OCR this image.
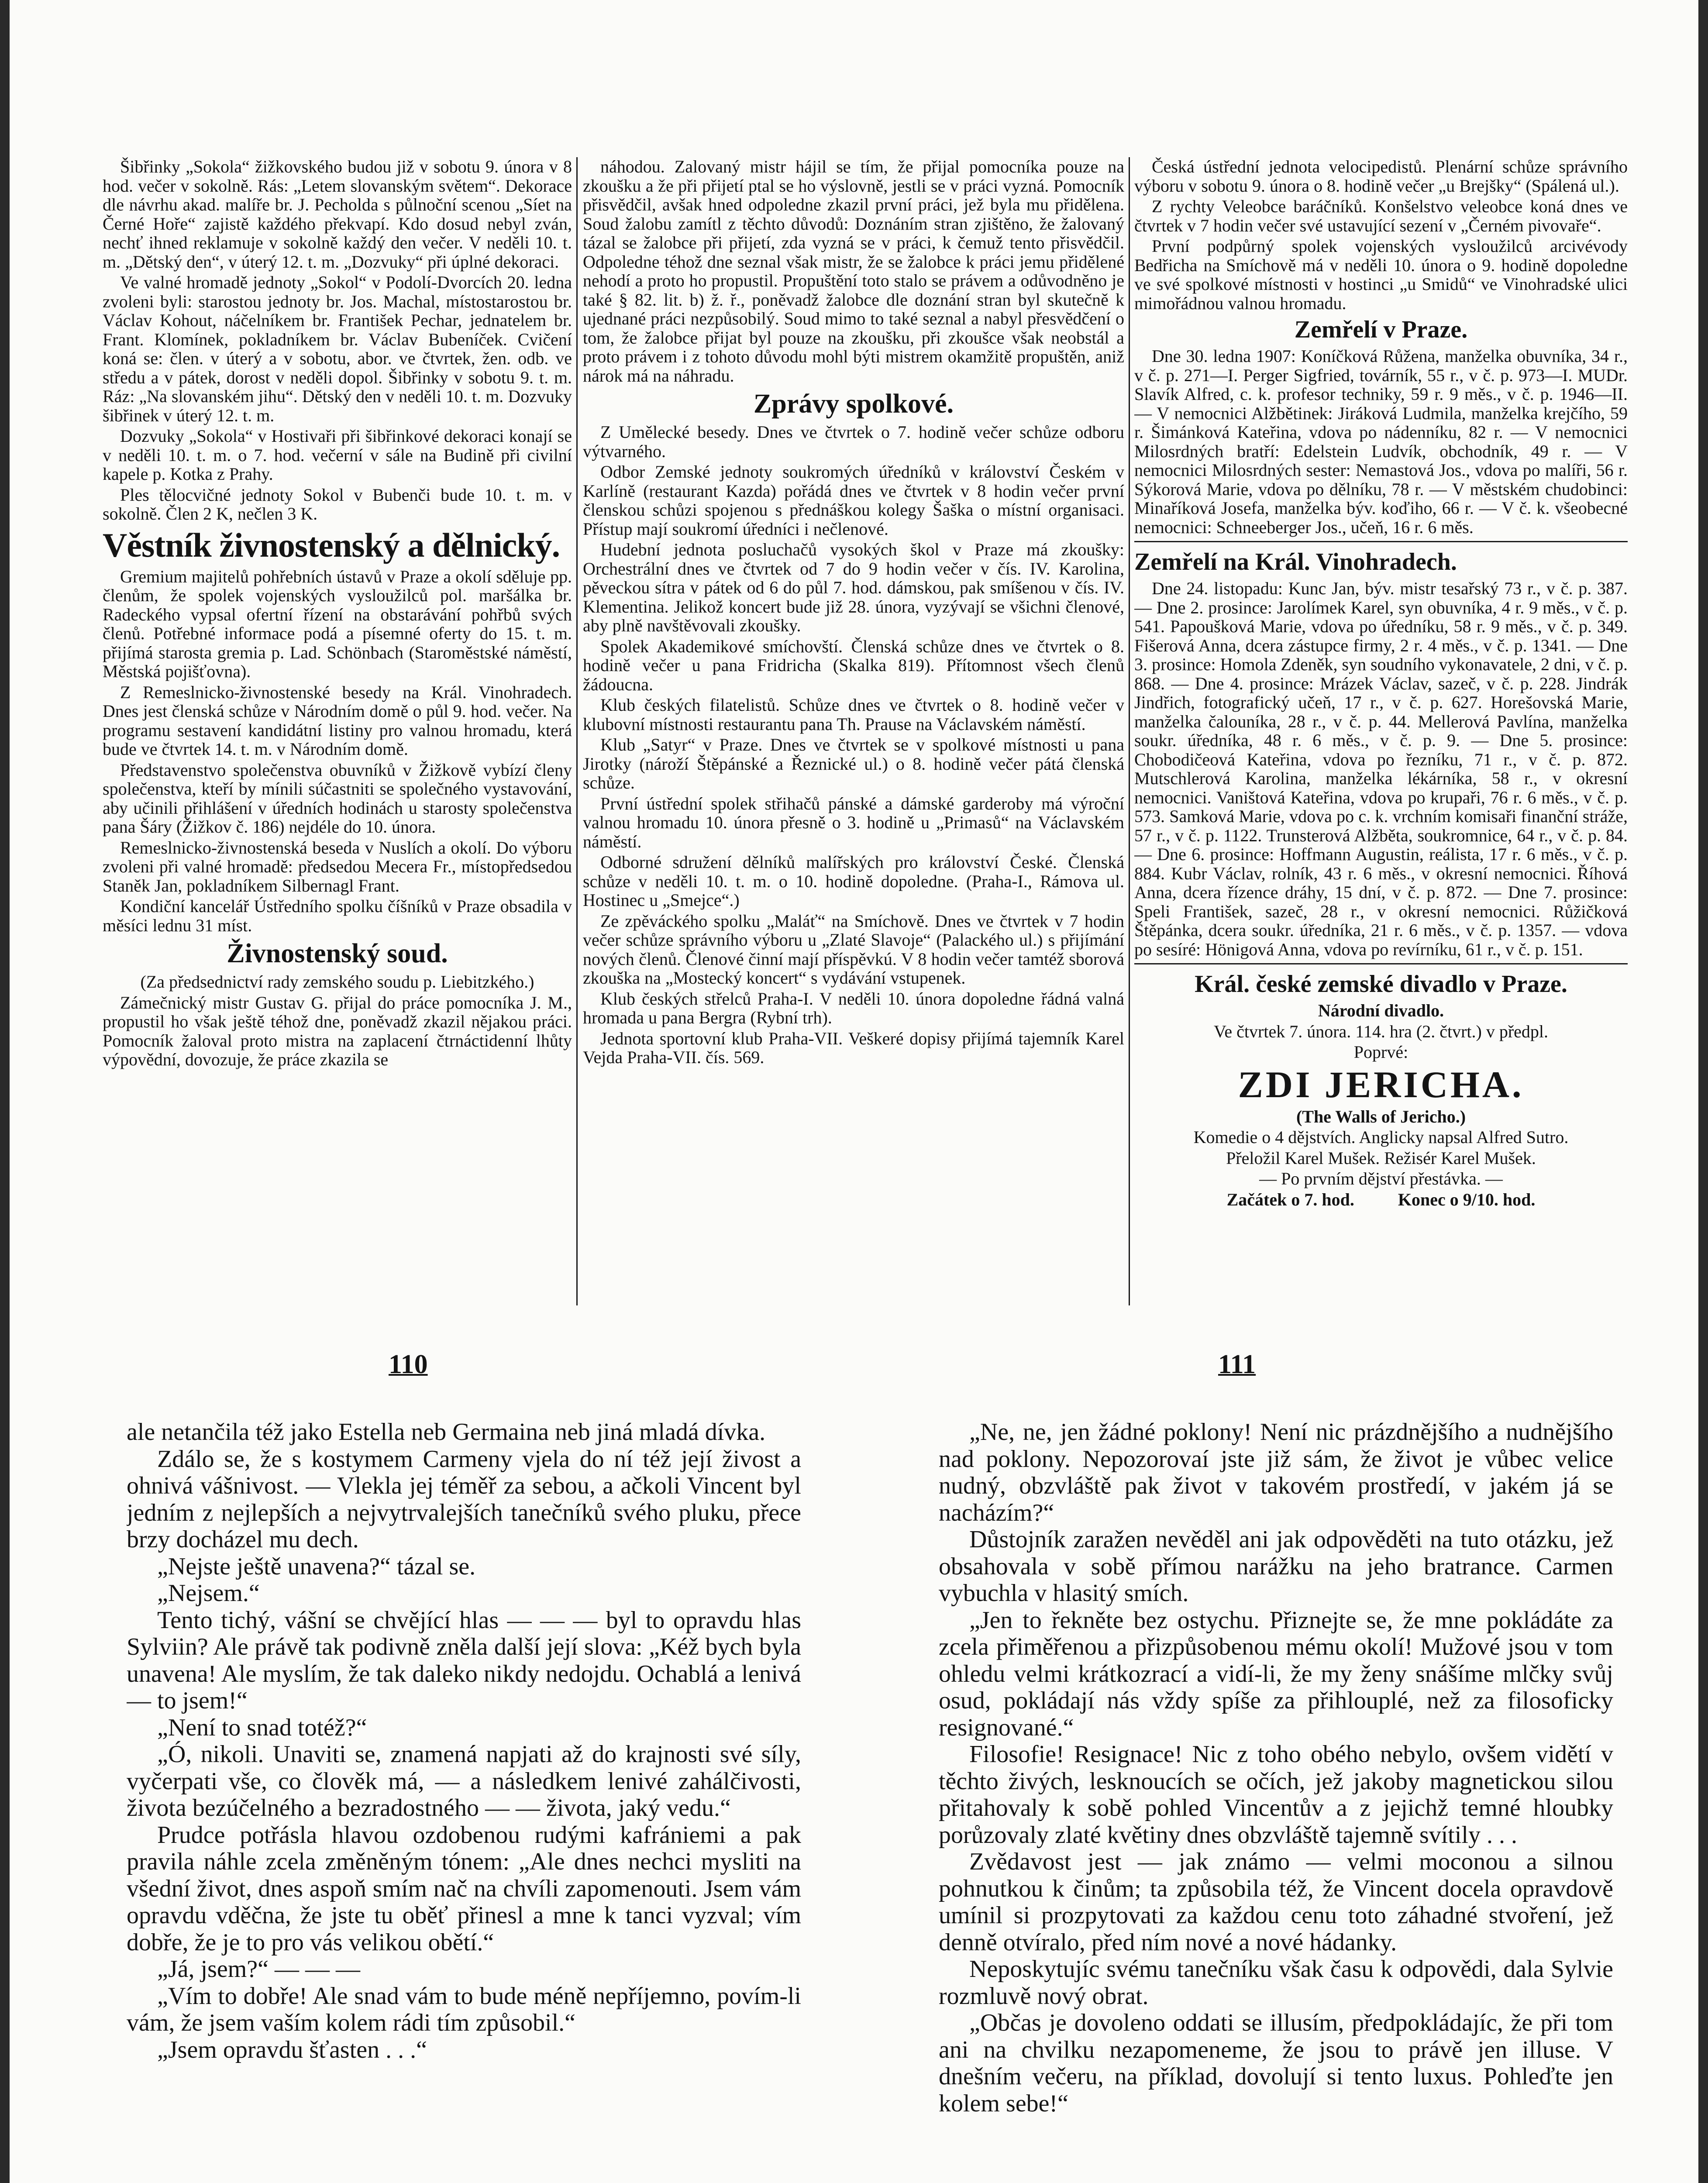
Šibřinky „Sokola“ žižkovského budou již v sobotu 9. února v 8 hod. večer v sokolně. Rás: „Letem slovanským světem“. Dekorace dle návrhu akad. malíře br. J. Pecholda s půlnoční scenou „Síet na Černé Hoře“ zajistě každého překvapí. Kdo dosud nebyl zván, nechť ihned reklamuje v sokolně každý den večer. V neděli 10. t. m. „Dětský den“, v úterý 12. t. m. „Dozvuky“ při úplné dekoraci.

Ve valné hromadě jednoty „Sokol“ v Podolí-Dvorcích 20. ledna zvoleni byli: starostou jednoty br. Jos. Machal, místostarostou br. Václav Kohout, náčelníkem br. František Pechar, jednatelem br. Frant. Klomínek, pokladníkem br. Václav Bubeníček. Cvičení koná se: člen. v úterý a v sobotu, abor. ve čtvrtek, žen. odb. ve středu a v pátek, dorost v neděli dopol. Šibřinky v sobotu 9. t. m. Ráz: „Na slovanském jihu“. Dětský den v neděli 10. t. m. Dozvuky šibřinek v úterý 12. t. m.

Dozvuky „Sokola“ v Hostivaři při šibřinkové dekoraci konají se v neděli 10. t. m. o 7. hod. večerní v sále na Budině při civilní kapele p. Kotka z Prahy.

Ples tělocvičné jednoty Sokol v Bubenči bude 10. t. m. v sokolně. Člen 2 K, nečlen 3 K.

Věstník živnostenský a dělnický.

Gremium majitelů pohřebních ústavů v Praze a okolí sděluje pp. členům, že spolek vojenských vysloužilců pol. maršálka br. Radeckého vypsal ofertní řízení na obstarávání pohřbů svých členů. Potřebné informace podá a písemné oferty do 15. t. m. přijímá starosta gremia p. Lad. Schönbach (Staroměstské náměstí, Městská pojišťovna).

Z Remeslnicko-živnostenské besedy na Král. Vinohradech. Dnes jest členská schůze v Národním domě o půl 9. hod. večer. Na programu sestavení kandidátní listiny pro valnou hromadu, která bude ve čtvrtek 14. t. m. v Národním domě.

Představenstvo společenstva obuvníků v Žižkově vybízí členy společenstva, kteří by mínili súčastniti se společného vystavování, aby učinili přihlášení v úředních hodinách u starosty společenstva pana Šáry (Žižkov č. 186) nejdéle do 10. února.

Remeslnicko-živnostenská beseda v Nuslích a okolí. Do výboru zvoleni při valné hromadě: předsedou Mecera Fr., místopředsedou Staněk Jan, pokladníkem Silbernagl Frant.

Kondiční kancelář Ústředního spolku číšníků v Praze obsadila v měsíci lednu 31 míst.

Živnostenský soud.

(Za předsednictví rady zemského soudu p. Liebitzkého.)

Zámečnický mistr Gustav G. přijal do práce pomocníka J. M., propustil ho však ještě téhož dne, poněvadž zkazil nějakou práci. Pomocník žaloval proto mistra na zaplacení čtrnáctidenní lhůty výpovědní, dovozuje, že práce zkazila se

náhodou. Zalovaný mistr hájil se tím, že přijal pomocníka pouze na zkoušku a že při přijetí ptal se ho výslovně, jestli se v práci vyzná. Pomocník přisvědčil, avšak hned odpoledne zkazil první práci, jež byla mu přidělena. Soud žalobu zamítl z těchto důvodů: Doznáním stran zjištěno, že žalovaný tázal se žalobce při přijetí, zda vyzná se v práci, k čemuž tento přisvědčil. Odpoledne téhož dne seznal však mistr, že se žalobce k práci jemu přidělené nehodí a proto ho propustil. Propuštění toto stalo se právem a odůvodněno je také § 82. lit. b) ž. ř., poněvadž žalobce dle doznání stran byl skutečně k ujednané práci nezpůsobilý. Soud mimo to také seznal a nabyl přesvědčení o tom, že žalobce přijat byl pouze na zkoušku, při zkoušce však neobstál a proto právem i z tohoto důvodu mohl býti mistrem okamžitě propuštěn, aniž nárok má na náhradu.

Zprávy spolkové.

Z Umělecké besedy. Dnes ve čtvrtek o 7. hodině večer schůze odboru výtvarného.

Odbor Zemské jednoty soukromých úředníků v království Českém v Karlíně (restaurant Kazda) pořádá dnes ve čtvrtek v 8 hodin večer první členskou schůzi spojenou s přednáškou kolegy Šaška o místní organisaci. Přístup mají soukromí úředníci i nečlenové.

Hudební jednota posluchačů vysokých škol v Praze má zkoušky: Orchestrální dnes ve čtvrtek od 7 do 9 hodin večer v čís. IV. Karolina, pěveckou sítra v pátek od 6 do půl 7. hod. dámskou, pak smíšenou v čís. IV. Klementina. Jelikož koncert bude již 28. února, vyzývají se všichni členové, aby plně navštěvovali zkoušky.

Spolek Akademikové smíchovští. Členská schůze dnes ve čtvrtek o 8. hodině večer u pana Fridricha (Skalka 819). Přítomnost všech členů žádoucna.

Klub českých filatelistů. Schůze dnes ve čtvrtek o 8. hodině večer v klubovní místnosti restaurantu pana Th. Prause na Václavském náměstí.

Klub „Satyr“ v Praze. Dnes ve čtvrtek se v spolkové místnosti u pana Jirotky (nároží Štěpánské a Řeznické ul.) o 8. hodině večer pátá členská schůze.

První ústřední spolek střihačů pánské a dámské garderoby má výroční valnou hromadu 10. února přesně o 3. hodině u „Primasů“ na Václavském náměstí.

Odborné sdružení dělníků malířských pro království České. Členská schůze v neděli 10. t. m. o 10. hodině dopoledne. (Praha-I., Rámova ul. Hostinec u „Smejce“.)

Ze zpěváckého spolku „Maláť“ na Smíchově. Dnes ve čtvrtek v 7 hodin večer schůze správního výboru u „Zlaté Slavoje“ (Palackého ul.) s přijímání nových členů. Členové činní mají příspěvkú. V 8 hodin večer tamtéž sborová zkouška na „Mostecký koncert“ s vydávání vstupenek.

Klub českých střelců Praha-I. V neděli 10. února dopoledne řádná valná hromada u pana Bergra (Rybní trh).

Jednota sportovní klub Praha-VII. Veškeré dopisy přijímá tajemník Karel Vejda Praha-VII. čís. 569.

Česká ústřední jednota velocipedistů. Plenární schůze správního výboru v sobotu 9. února o 8. hodině večer „u Brejšky“ (Spálená ul.).

Z rychty Veleobce baráčníků. Konšelstvo veleobce koná dnes ve čtvrtek v 7 hodin večer své ustavující sezení v „Černém pivovaře“.

První podpůrný spolek vojenských vysloužilců arcivévody Bedřicha na Smíchově má v neděli 10. února o 9. hodině dopoledne ve své spolkové místnosti v hostinci „u Smidů“ ve Vinohradské ulici mimořádnou valnou hromadu.

Zemřelí v Praze.

Dne 30. ledna 1907: Koníčková Růžena, manželka obuvníka, 34 r., v č. p. 271—I. Perger Sigfried, továrník, 55 r., v č. p. 973—I. MUDr. Slavík Alfred, c. k. profesor techniky, 59 r. 9 měs., v č. p. 1946—II. — V nemocnici Alžbětinek: Jiráková Ludmila, manželka krejčího, 59 r. Šimánková Kateřina, vdova po nádenníku, 82 r. — V nemocnici Milosrdných bratří: Edelstein Ludvík, obchodník, 49 r. — V nemocnici Milosrdných sester: Nemastová Jos., vdova po malíři, 56 r. Sýkorová Marie, vdova po dělníku, 78 r. — V městském chudobinci: Minaříková Josefa, manželka býv. koďiho, 66 r. — V č. k. všeobecné nemocnici: Schneeberger Jos., učeň, 16 r. 6 měs.

Zemřelí na Král. Vinohradech.

Dne 24. listopadu: Kunc Jan, býv. mistr tesařský 73 r., v č. p. 387. — Dne 2. prosince: Jarolímek Karel, syn obuvníka, 4 r. 9 měs., v č. p. 541. Papoušková Marie, vdova po úředníku, 58 r. 9 měs., v č. p. 349. Fišerová Anna, dcera zástupce firmy, 2 r. 4 měs., v č. p. 1341. — Dne 3. prosince: Homola Zdeněk, syn soudního vykonavatele, 2 dni, v č. p. 868. — Dne 4. prosince: Mrázek Václav, sazeč, v č. p. 228. Jindrák Jindřich, fotografický učeň, 17 r., v č. p. 627. Horešovská Marie, manželka čalouníka, 28 r., v č. p. 44. Mellerová Pavlína, manželka soukr. úředníka, 48 r. 6 měs., v č. p. 9. — Dne 5. prosince: Chobodičeová Kateřina, vdova po řezníku, 71 r., v č. p. 872. Mutschlerová Karolina, manželka lékárníka, 58 r., v okresní nemocnici. Vaništová Kateřina, vdova po krupaři, 76 r. 6 měs., v č. p. 573. Samková Marie, vdova po c. k. vrchním komisaři finanční stráže, 57 r., v č. p. 1122. Trunsterová Alžběta, soukromnice, 64 r., v č. p. 84. — Dne 6. prosince: Hoffmann Augustin, reálista, 17 r. 6 měs., v č. p. 884. Kubr Václav, rolník, 43 r. 6 měs., v okresní nemocnici. Říhová Anna, dcera řízence dráhy, 15 dní, v č. p. 872. — Dne 7. prosince: Speli František, sazeč, 28 r., v okresní nemocnici. Růžičková Štěpánka, dcera soukr. úředníka, 21 r. 6 měs., v č. p. 1357. — vdova po sesíré: Hönigová Anna, vdova po revírníku, 61 r., v č. p. 151.

Král. české zemské divadlo v Praze.

Národní divadlo.

Ve čtvrtek 7. února. 114. hra (2. čtvrt.) v předpl.

Poprvé:

ZDI JERICHA.

(The Walls of Jericho.)

Komedie o 4 dějstvích. Anglicky napsal Alfred Sutro.

Přeložil Karel Mušek. Režisér Karel Mušek.

— Po prvním dějství přestávka. —

Začátek o 7. hod.	Konec o 9/10. hod.

110	111

ale netančila též jako Estella neb Germaina neb jiná mladá dívka.

Zdálo se, že s kostymem Carmeny vjela do ní též její živost a ohnivá vášnivost. — Vlekla jej téměř za sebou, a ačkoli Vincent byl jedním z nejlepších a nejvytrvalejších tanečníků svého pluku, přece brzy docházel mu dech.

„Nejste ještě unavena?“ tázal se.

„Nejsem.“

Tento tichý, vášní se chvějící hlas — — — byl to opravdu hlas Sylviin? Ale právě tak podivně zněla další její slova: „Kéž bych byla unavena! Ale myslím, že tak daleko nikdy nedojdu. Ochablá a lenivá — to jsem!“

„Není to snad totéž?“

„Ó, nikoli. Unaviti se, znamená napjati až do krajnosti své síly, vyčerpati vše, co člověk má, — a následkem lenivé zahálčivosti, života bezúčelného a bezradostného — — života, jaký vedu.“

Prudce potřásla hlavou ozdobenou rudými kafrániemi a pak pravila náhle zcela změněným tónem: „Ale dnes nechci mysliti na všední život, dnes aspoň smím nač na chvíli zapomenouti. Jsem vám opravdu vděčna, že jste tu oběť přinesl a mne k tanci vyzval; vím dobře, že je to pro vás velikou obětí.“

„Já, jsem?“ — — —

„Vím to dobře! Ale snad vám to bude méně nepříjemno, povím-li vám, že jsem vaším kolem rádi tím způsobil.“

„Jsem opravdu šťasten . . .“

„Ne, ne, jen žádné poklony! Není nic prázdnějšího a nudnějšího nad poklony. Nepozorovaí jste již sám, že život je vůbec velice nudný, obzvláště pak život v takovém prostředí, v jakém já se nacházím?“

Důstojník zaražen nevěděl ani jak odpověděti na tuto otázku, jež obsahovala v sobě přímou narážku na jeho bratrance. Carmen vybuchla v hlasitý smích.

„Jen to řekněte bez ostychu. Přiznejte se, že mne pokládáte za zcela přiměřenou a přizpůsobenou mému okolí! Mužové jsou v tom ohledu velmi krátkozrací a vidí-li, že my ženy snášíme mlčky svůj osud, pokládají nás vždy spíše za přihlouplé, než za filosoficky resignované.“

Filosofie! Resignace! Nic z toho obého nebylo, ovšem vidětí v těchto živých, lesknoucích se očích, jež jakoby magnetickou silou přitahovaly k sobě pohled Vincentův a z jejichž temné hloubky porůzovaly zlaté květiny dnes obzvláště tajemně svítily . . .

Zvědavost jest — jak známo — velmi moconou a silnou pohnutkou k činům; ta způsobila též, že Vincent docela opravdově umínil si prozpytovati za každou cenu toto záhadné stvoření, jež denně otvíralo, před ním nové a nové hádanky.

Neposkytujíc svému tanečníku však času k odpovědi, dala Sylvie rozmluvě nový obrat.

„Občas je dovoleno oddati se illusím, předpokládajíc, že při tom ani na chvilku nezapomeneme, že jsou to právě jen illuse. V dnešním večeru, na příklad, dovolují si tento luxus. Pohleďte jen kolem sebe!“
